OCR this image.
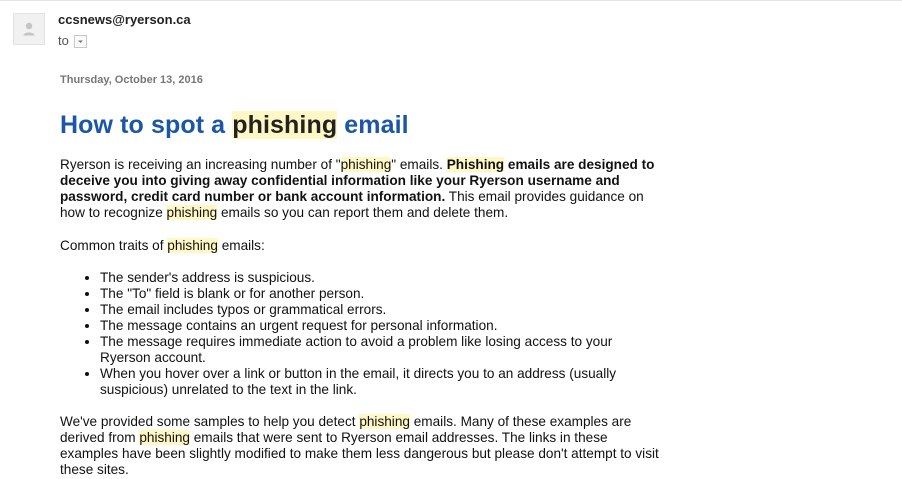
ccsnews@ryerson.ca
to

Thursday, October 13, 2016

How to spot a phishing email

Ryerson is receiving an increasing number of "phishing" emails. Phishing emails are designed to deceive you into giving away confidential information like your Ryerson username and password, credit card number or bank account information. This email provides guidance on how to recognize phishing emails so you can report them and delete them.

Common traits of phishing emails:

• The sender's address is suspicious.
• The "To" field is blank or for another person.
• The email includes typos or grammatical errors.
• The message contains an urgent request for personal information.
• The message requires immediate action to avoid a problem like losing access to your Ryerson account.
• When you hover over a link or button in the email, it directs you to an address (usually suspicious) unrelated to the text in the link.

We've provided some samples to help you detect phishing emails. Many of these examples are derived from phishing emails that were sent to Ryerson email addresses. The links in these examples have been slightly modified to make them less dangerous but please don't attempt to visit these sites.
